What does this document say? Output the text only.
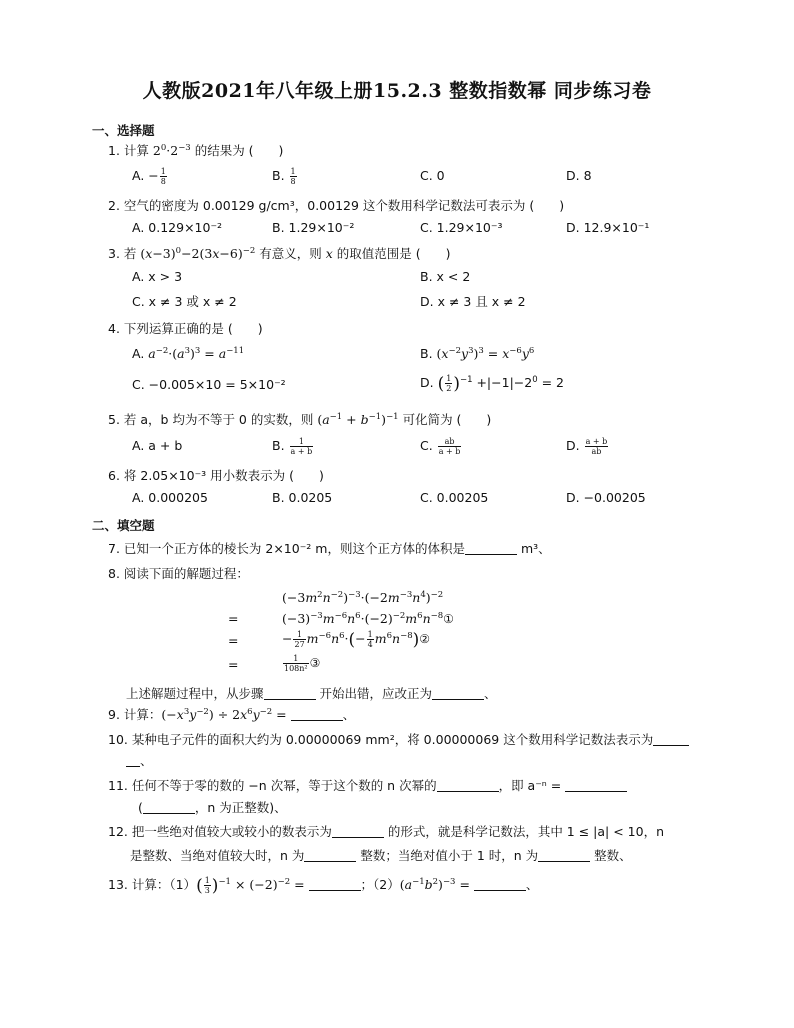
人教版2021年八年级上册15.2.3 整数指数幂 同步练习卷
一、选择题
1. 计算 $2^0\cdot 2^{-3}$ 的结果为 (　　)
A. − $\frac{1}{8}$	B. $\frac{1}{8}$	C. 0	D. 8
2. 空气的密度为 0.00129 g/cm³，0.00129 这个数用科学记数法可表示为 (　　)
A. 0.129×10⁻²	B. 1.29×10⁻²	C. 1.29×10⁻³	D. 12.9×10⁻¹
3. 若 $(x-3)^0-2(3x-6)^{-2}$ 有意义，则 x 的取值范围是 (　　)
A. x > 3	B. x < 2
C. x ≠ 3 或 x ≠ 2	D. x ≠ 3 且 x ≠ 2
4. 下列运算正确的是 (　　)
A. $a^{-2}\cdot(a^3)^3 = a^{-11}$	B. $(x^{-2}y^3)^3 = x^{-6}y^6$
C. −0.005×10 = 5×10⁻²	D. ( $\frac{1}{2} )^{-1} +|-1|-2^0 = 2$
5. 若 a，b 均为不等于 0 的实数，则 $(a^{-1} + b^{-1})^{-1}$ 可化简为 (　　)
A. a + b	B. $\frac{1}{a + b}$	C. $\frac{ab}{a + b}$	D. $\frac{a + b}{ab}$
6. 将 2.05×10⁻³ 用小数表示为 (　　)
A. 0.000205	B. 0.0205	C. 0.00205	D. −0.00205
二、填空题
7. 已知一个正方体的棱长为 2×10⁻² m，则这个正方体的体积是	m³、
8. 阅读下面的解题过程：
$(-3m^2n^{-2})^{-3}\cdot(-2m^{-3}n^4)^{-2}$
=	$(-3)^{-3}m^{-6}n^6\cdot(-2)^{-2}m^6n^{-8}①$
=	− $\frac{1}{27} m^{-6}n^6\cdot(- \frac{1}{4}$ $m^6n^{-8})②$
=	$\frac{1}{\text{108n²}}$ ③
上述解题过程中，从步骤	开始出错，应改正为	、
9. 计算：$(-x^3y^{-2}) \div 2x^6y^{-2}$ =	、
10. 某种电子元件的面积大约为 0.00000069 mm²，将 0.00000069 这个数用科学记数法表示为
、
11. 任何不等于零的数的 −n 次幂，等于这个数的 n 次幂的	，即 a⁻ⁿ =
(	，n 为正整数)、
12. 把一些绝对值较大或较小的数表示为	的形式，就是科学记数法，其中 1 ≤ |a| < 10，n
是整数、当绝对值较大时，n 为	整数；当绝对值小于 1 时，n 为	整数、
13. 计算：$(1)( \frac{1}{3} )^{-1} \times (-2)^{-2}$ =	；$(2)(a^{-1}b^2)^{-3}$ =	、
